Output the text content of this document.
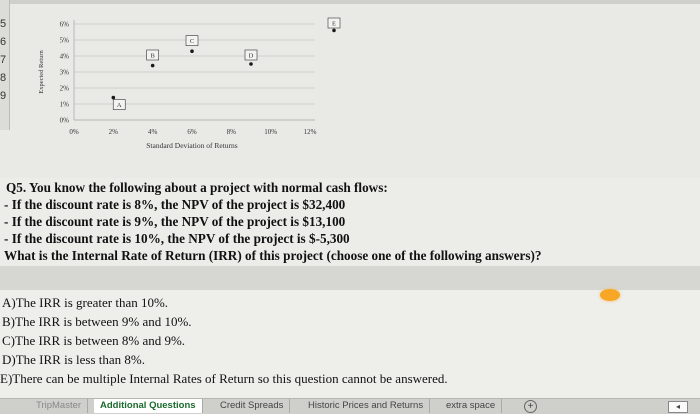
5
6
7
8
9
0%
1%
2%
3%
4%
5%
6%
0%	2%	4%	6%	8%	10%	12%
Standard Deviation of Returns
Expected Return
A
B
C
D
E
Q5. You know the following about a project with normal cash flows:
- If the discount rate is 8%, the NPV of the project is $32,400
- If the discount rate is 9%, the NPV of the project is $13,100
- If the discount rate is 10%, the NPV of the project is $-5,300
What is the Internal Rate of Return (IRR) of this project (choose one of the following answers)?
A)The IRR is greater than 10%.
B)The IRR is between 9% and 10%.
C)The IRR is between 8% and 9%.
D)The IRR is less than 8%.
E)There can be multiple Internal Rates of Return so this question cannot be answered.
TripMaster	Additional Questions	Credit Spreads	Historic Prices and Returns	extra space	+	◂
